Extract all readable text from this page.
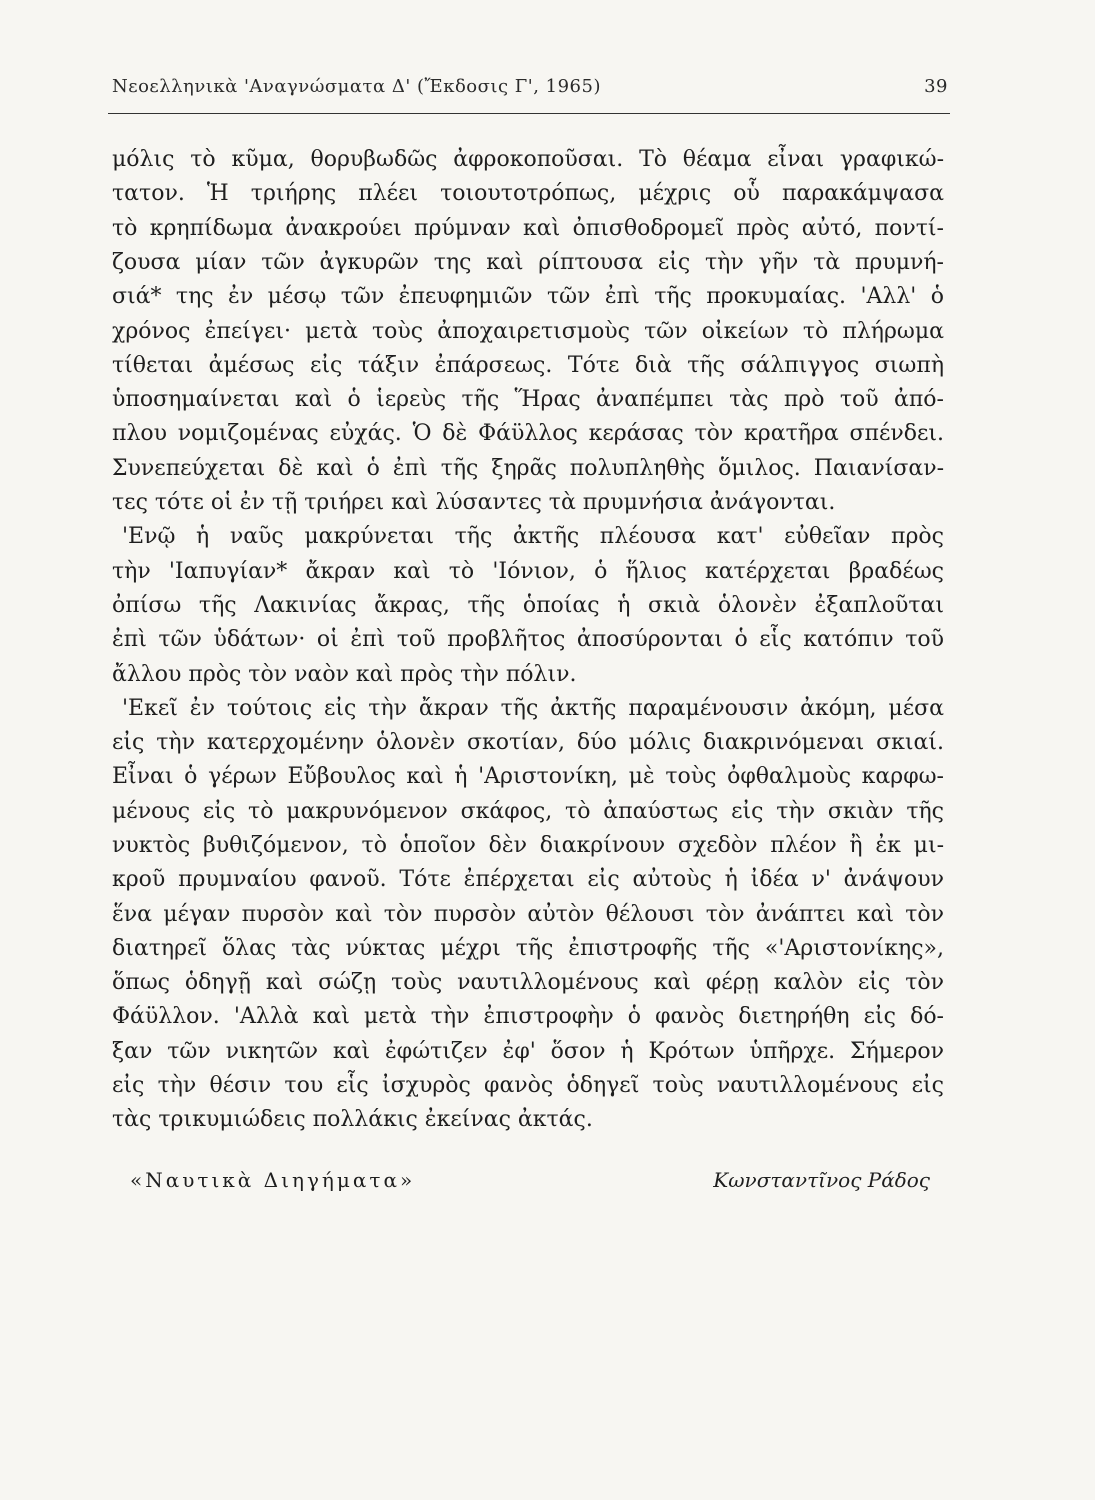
Νεοελληνικὰ 'Αναγνώσματα Δ' (Ἔκδοσις Γ', 1965)	39
μόλις τὸ κῦμα, θορυβωδῶς ἀφροκοποῦσαι. Τὸ θέαμα εἶναι γραφικώ-
τατον. Ἡ τριήρης πλέει τοιουτοτρόπως, μέχρις οὗ παρακάμψασα
τὸ κρηπίδωμα ἀνακρούει πρύμναν καὶ ὀπισθοδρομεῖ πρὸς αὐτό, ποντί-
ζουσα μίαν τῶν ἀγκυρῶν της καὶ ρίπτουσα εἰς τὴν γῆν τὰ πρυμνή-
σιά* της ἐν μέσῳ τῶν ἐπευφημιῶν τῶν ἐπὶ τῆς προκυμαίας. 'Αλλ' ὁ
χρόνος ἐπείγει· μετὰ τοὺς ἀποχαιρετισμοὺς τῶν οἰκείων τὸ πλήρωμα
τίθεται ἀμέσως εἰς τάξιν ἐπάρσεως. Τότε διὰ τῆς σάλπιγγος σιωπὴ
ὑποσημαίνεται καὶ ὁ ἱερεὺς τῆς Ἥρας ἀναπέμπει τὰς πρὸ τοῦ ἀπό-
πλου νομιζομένας εὐχάς. Ὁ δὲ Φάϋλλος κεράσας τὸν κρατῆρα σπένδει.
Συνεπεύχεται δὲ καὶ ὁ ἐπὶ τῆς ξηρᾶς πολυπληθὴς ὅμιλος. Παιανίσαν-
τες τότε οἱ ἐν τῇ τριήρει καὶ λύσαντες τὰ πρυμνήσια ἀνάγονται.
'Ενῷ ἡ ναῦς μακρύνεται τῆς ἀκτῆς πλέουσα κατ' εὐθεῖαν πρὸς
τὴν 'Ιαπυγίαν* ἄκραν καὶ τὸ 'Ιόνιον, ὁ ἥλιος κατέρχεται βραδέως
ὀπίσω τῆς Λακινίας ἄκρας, τῆς ὁποίας ἡ σκιὰ ὁλονὲν ἐξαπλοῦται
ἐπὶ τῶν ὑδάτων· οἱ ἐπὶ τοῦ προβλῆτος ἀποσύρονται ὁ εἷς κατόπιν τοῦ
ἄλλου πρὸς τὸν ναὸν καὶ πρὸς τὴν πόλιν.
'Εκεῖ ἐν τούτοις εἰς τὴν ἄκραν τῆς ἀκτῆς παραμένουσιν ἀκόμη, μέσα
εἰς τὴν κατερχομένην ὁλονὲν σκοτίαν, δύο μόλις διακρινόμεναι σκιαί.
Εἶναι ὁ γέρων Εὔβουλος καὶ ἡ 'Αριστονίκη, μὲ τοὺς ὀφθαλμοὺς καρφω-
μένους εἰς τὸ μακρυνόμενον σκάφος, τὸ ἀπαύστως εἰς τὴν σκιὰν τῆς
νυκτὸς βυθιζόμενον, τὸ ὁποῖον δὲν διακρίνουν σχεδὸν πλέον ἢ ἐκ μι-
κροῦ πρυμναίου φανοῦ. Τότε ἐπέρχεται εἰς αὐτοὺς ἡ ἰδέα ν' ἀνάψουν
ἕνα μέγαν πυρσὸν καὶ τὸν πυρσὸν αὐτὸν θέλουσι τὸν ἀνάπτει καὶ τὸν
διατηρεῖ ὅλας τὰς νύκτας μέχρι τῆς ἐπιστροφῆς τῆς «'Αριστονίκης»,
ὅπως ὁδηγῇ καὶ σώζῃ τοὺς ναυτιλλομένους καὶ φέρῃ καλὸν εἰς τὸν
Φάϋλλον. 'Αλλὰ καὶ μετὰ τὴν ἐπιστροφὴν ὁ φανὸς διετηρήθη εἰς δό-
ξαν τῶν νικητῶν καὶ ἐφώτιζεν ἐφ' ὅσον ἡ Κρότων ὑπῆρχε. Σήμερον
εἰς τὴν θέσιν του εἷς ἰσχυρὸς φανὸς ὁδηγεῖ τοὺς ναυτιλλομένους εἰς
τὰς τρικυμιώδεις πολλάκις ἐκείνας ἀκτάς.
«Ναυτικὰ Διηγήματα»	Κωνσταντῖνος Ράδος
